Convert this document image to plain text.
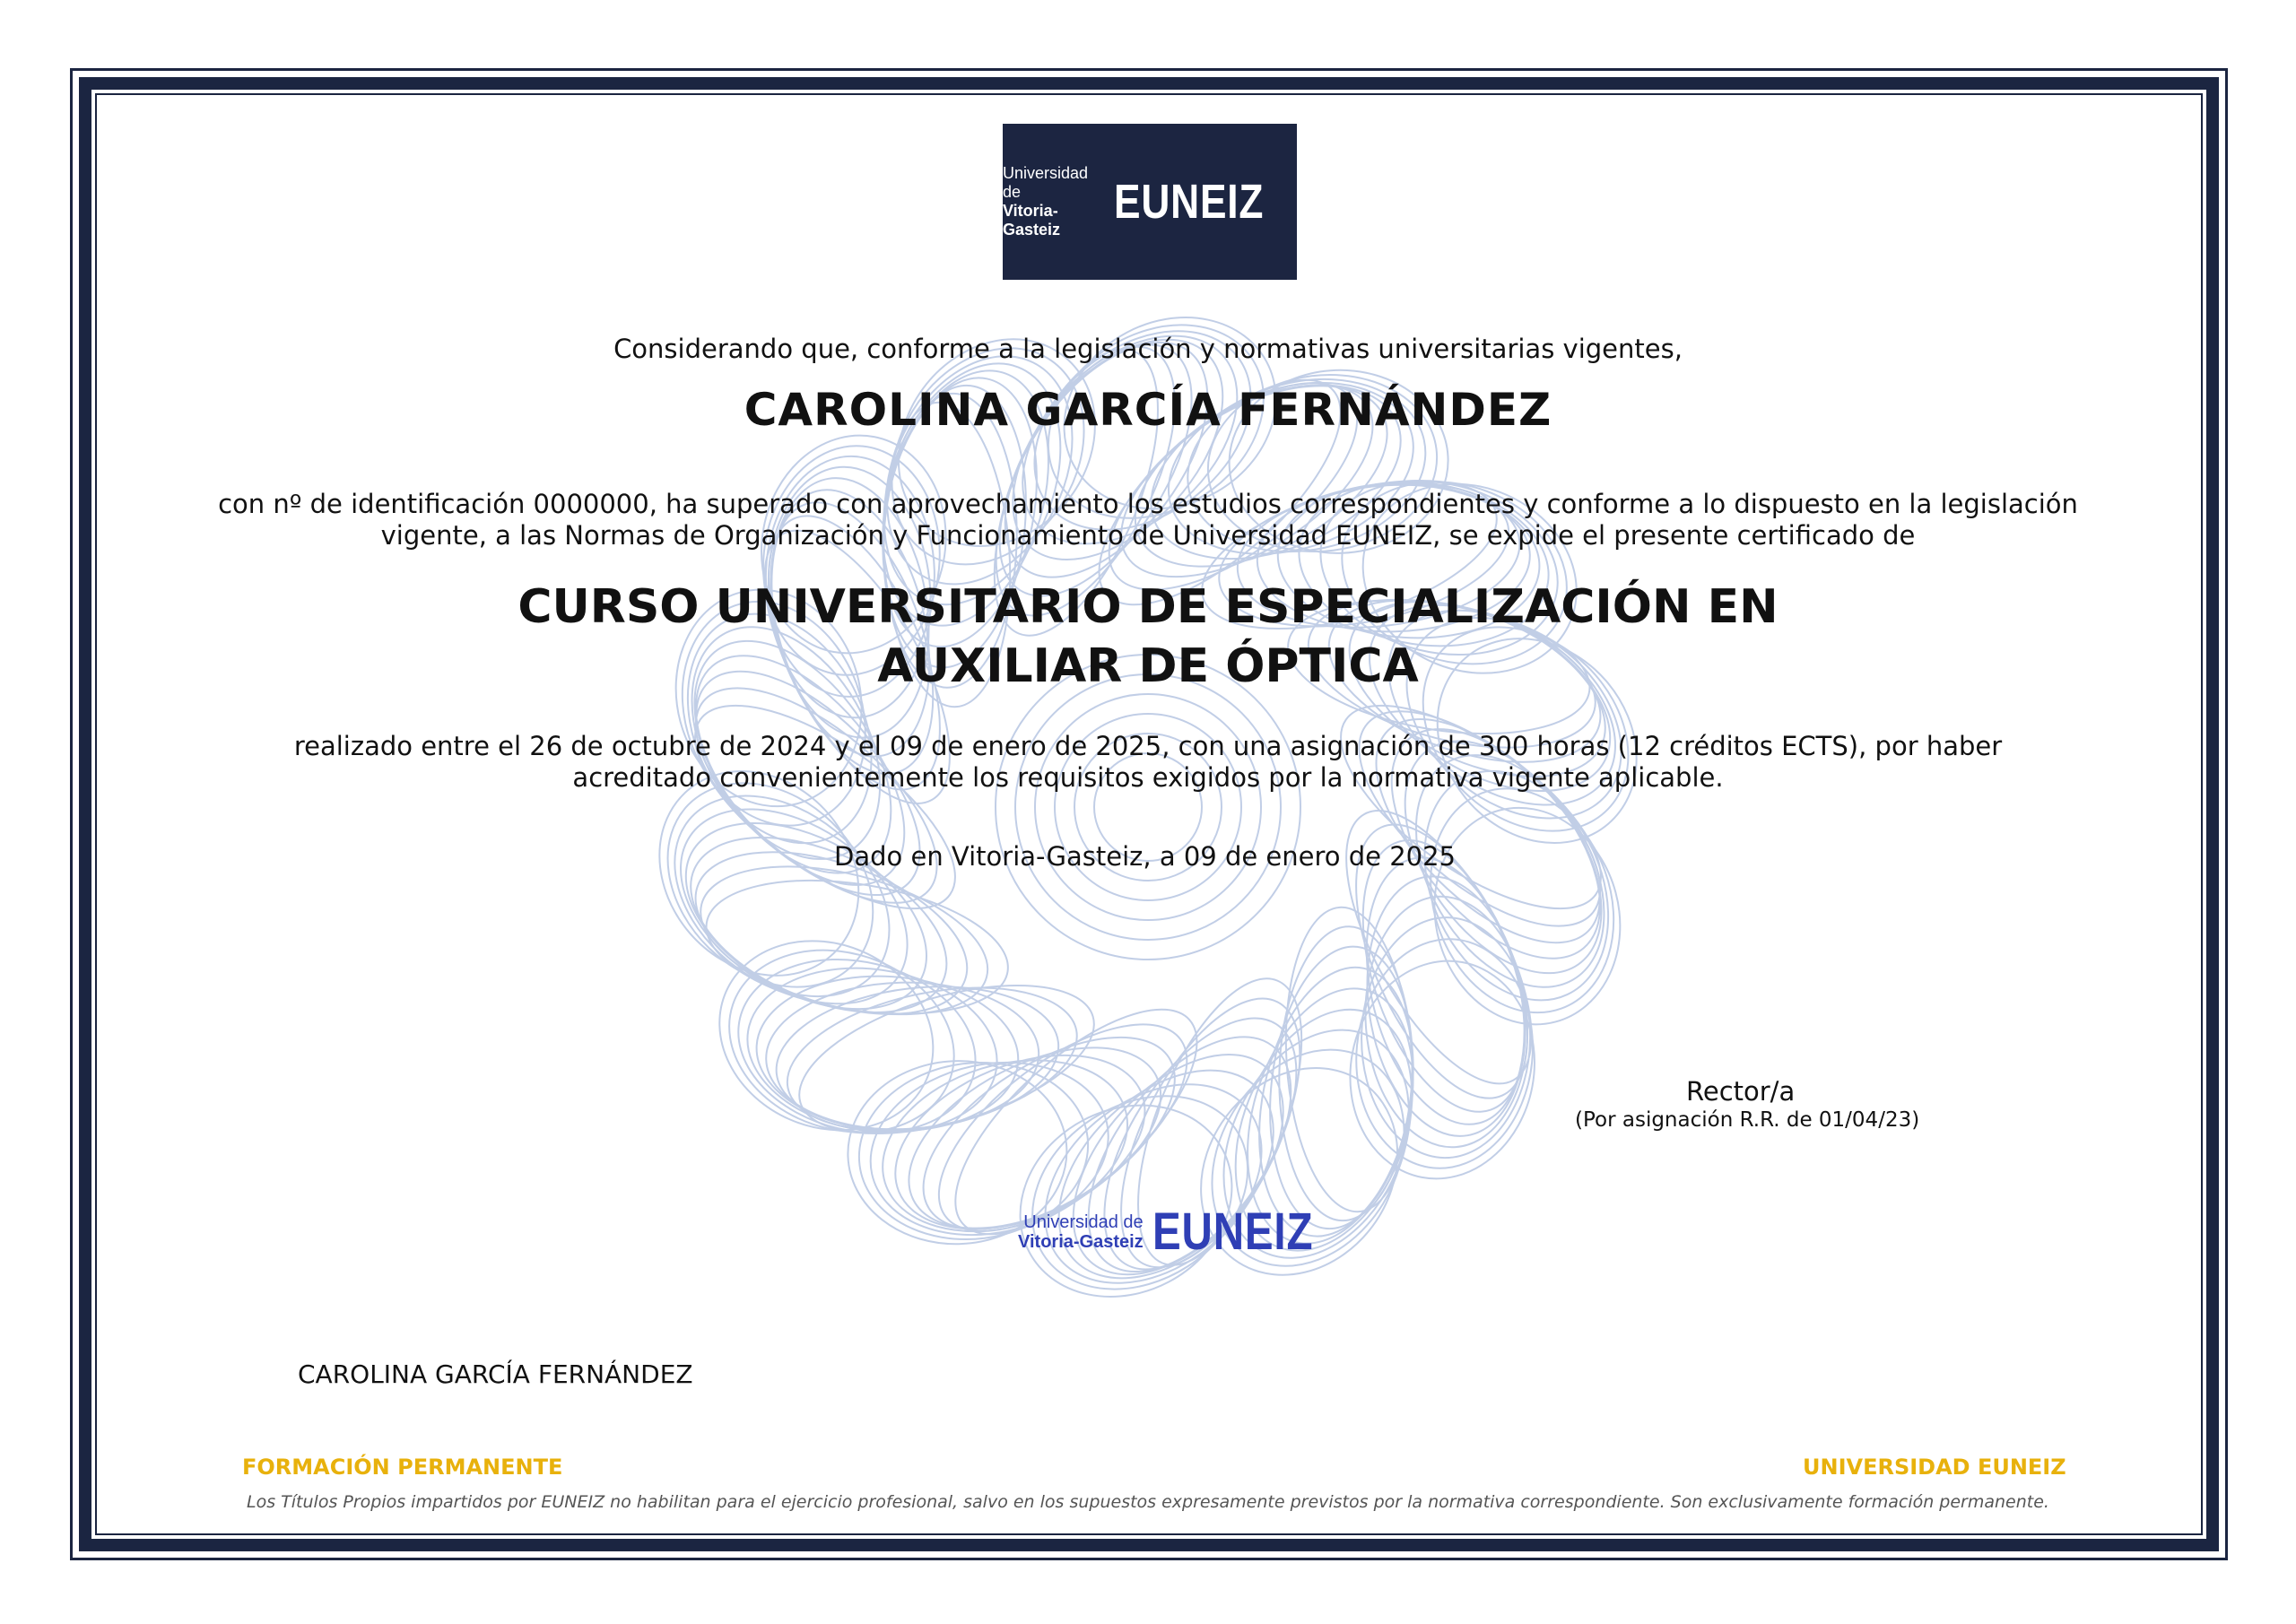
Universidad de
Vitoria-Gasteiz
EUNEIZ
Considerando que, conforme a la legislación y normativas universitarias vigentes,
CAROLINA GARCÍA FERNÁNDEZ
con nº de identificación 0000000, ha superado con aprovechamiento los estudios correspondientes y conforme a lo dispuesto en la legislación
vigente, a las Normas de Organización y Funcionamiento de Universidad EUNEIZ, se expide el presente certificado de
CURSO UNIVERSITARIO DE ESPECIALIZACIÓN EN
AUXILIAR DE ÓPTICA
realizado entre el 26 de octubre de 2024 y el 09 de enero de 2025, con una asignación de 300 horas (12 créditos ECTS), por haber
acreditado convenientemente los requisitos exigidos por la normativa vigente aplicable.
Dado en Vitoria-Gasteiz, a 09 de enero de 2025
Rector/a
(Por asignación R.R. de 01/04/23)
Universidad de
Vitoria-Gasteiz EUNEIZ
CAROLINA GARCÍA FERNÁNDEZ
FORMACIÓN PERMANENTE	UNIVERSIDAD EUNEIZ
Los Títulos Propios impartidos por EUNEIZ no habilitan para el ejercicio profesional, salvo en los supuestos expresamente previstos por la normativa correspondiente. Son exclusivamente formación permanente.
